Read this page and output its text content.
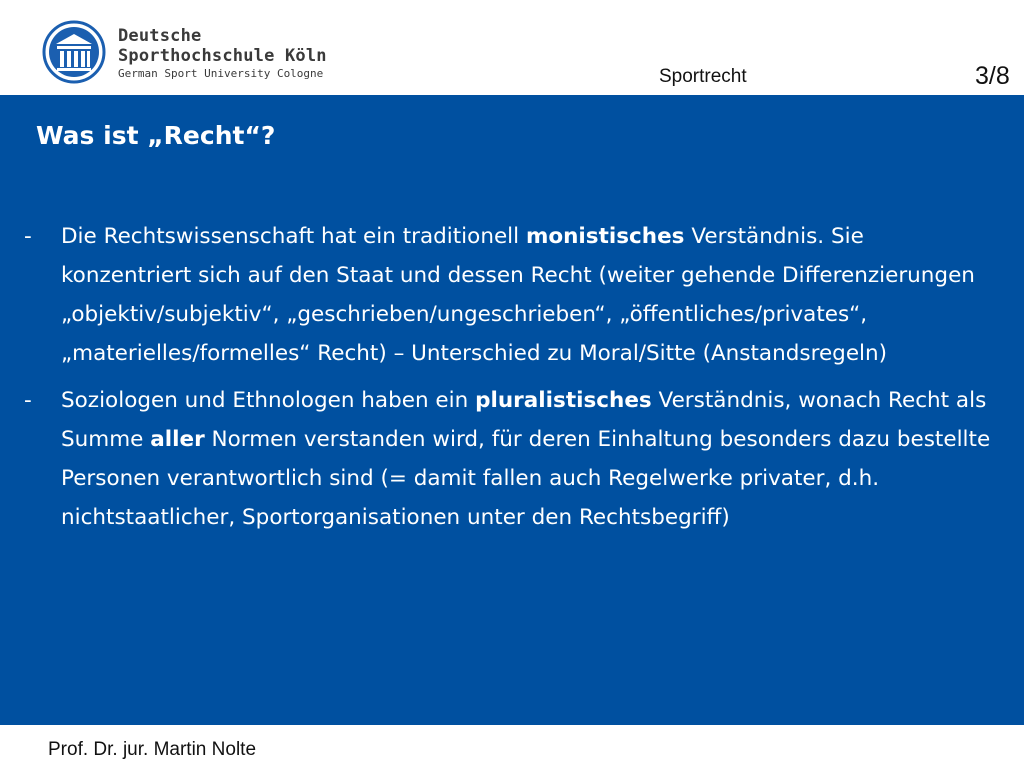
Deutsche
Sporthochschule Köln
German Sport University Cologne	Sportrecht	3/8
Was ist „Recht“?
-	Die Rechtswissenschaft hat ein traditionell monistisches Verständnis. Sie konzentriert sich auf den Staat und dessen Recht (weiter gehende Differenzierungen „objektiv/subjektiv“, „geschrieben/ungeschrieben“, „öffentliches/privates“, „materielles/formelles“ Recht) – Unterschied zu Moral/Sitte (Anstandsregeln)
-	Soziologen und Ethnologen haben ein pluralistisches Verständnis, wonach Recht als Summe aller Normen verstanden wird, für deren Einhaltung besonders dazu bestellte Personen verantwortlich sind (= damit fallen auch Regelwerke privater, d.h. nichtstaatlicher, Sportorganisationen unter den Rechtsbegriff)
Prof. Dr. jur. Martin Nolte
